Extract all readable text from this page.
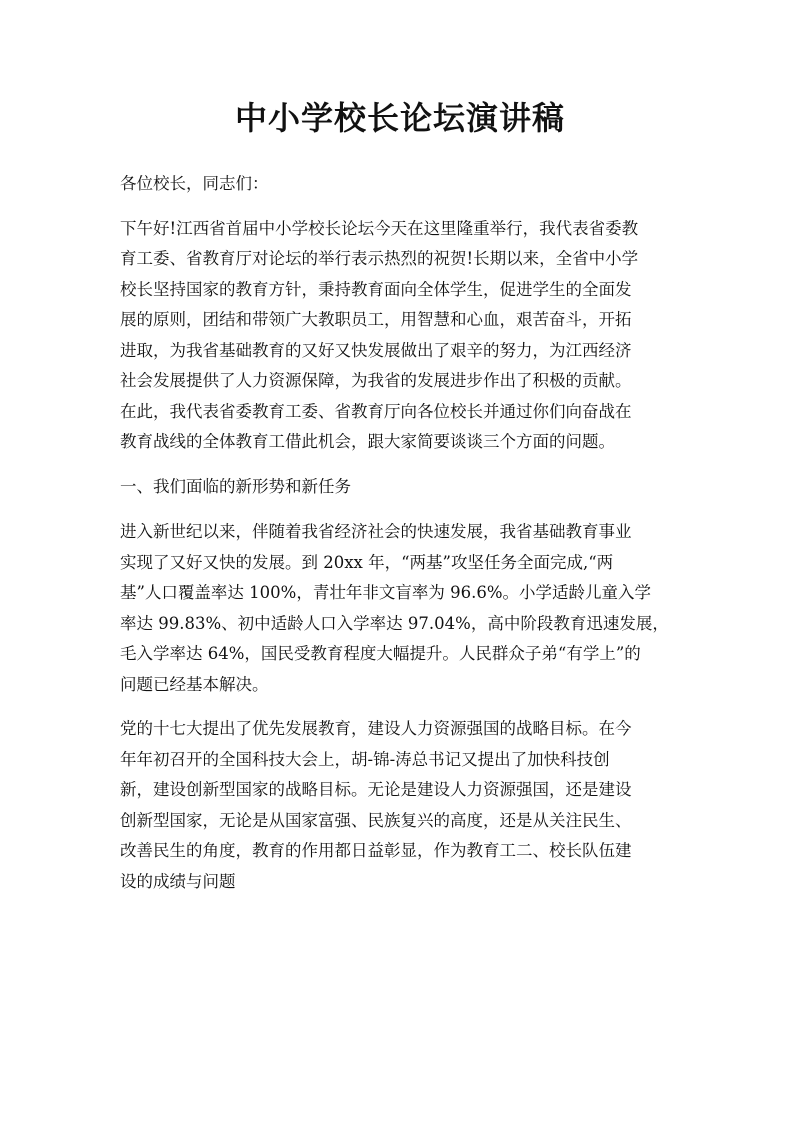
中小学校长论坛演讲稿

各位校长，同志们：

下午好!江西省首届中小学校长论坛今天在这里隆重举行，我代表省委教
育工委、省教育厅对论坛的举行表示热烈的祝贺!长期以来，全省中小学
校长坚持国家的教育方针，秉持教育面向全体学生，促进学生的全面发
展的原则，团结和带领广大教职员工，用智慧和心血，艰苦奋斗，开拓
进取，为我省基础教育的又好又快发展做出了艰辛的努力，为江西经济
社会发展提供了人力资源保障，为我省的发展进步作出了积极的贡献。
在此，我代表省委教育工委、省教育厅向各位校长并通过你们向奋战在
教育战线的全体教育工借此机会，跟大家简要谈谈三个方面的问题。

一、我们面临的新形势和新任务

进入新世纪以来，伴随着我省经济社会的快速发展，我省基础教育事业
实现了又好又快的发展。到 20xx 年，“两基”攻坚任务全面完成,“两
基”人口覆盖率达 100%，青壮年非文盲率为 96.6%。小学适龄儿童入学
率达 99.83%、初中适龄人口入学率达 97.04%，高中阶段教育迅速发展，
毛入学率达 64%，国民受教育程度大幅提升。人民群众子弟“有学上”的
问题已经基本解决。

党的十七大提出了优先发展教育，建设人力资源强国的战略目标。在今
年年初召开的全国科技大会上，胡-锦-涛总书记又提出了加快科技创
新，建设创新型国家的战略目标。无论是建设人力资源强国，还是建设
创新型国家，无论是从国家富强、民族复兴的高度，还是从关注民生、
改善民生的角度，教育的作用都日益彰显，作为教育工二、校长队伍建
设的成绩与问题
